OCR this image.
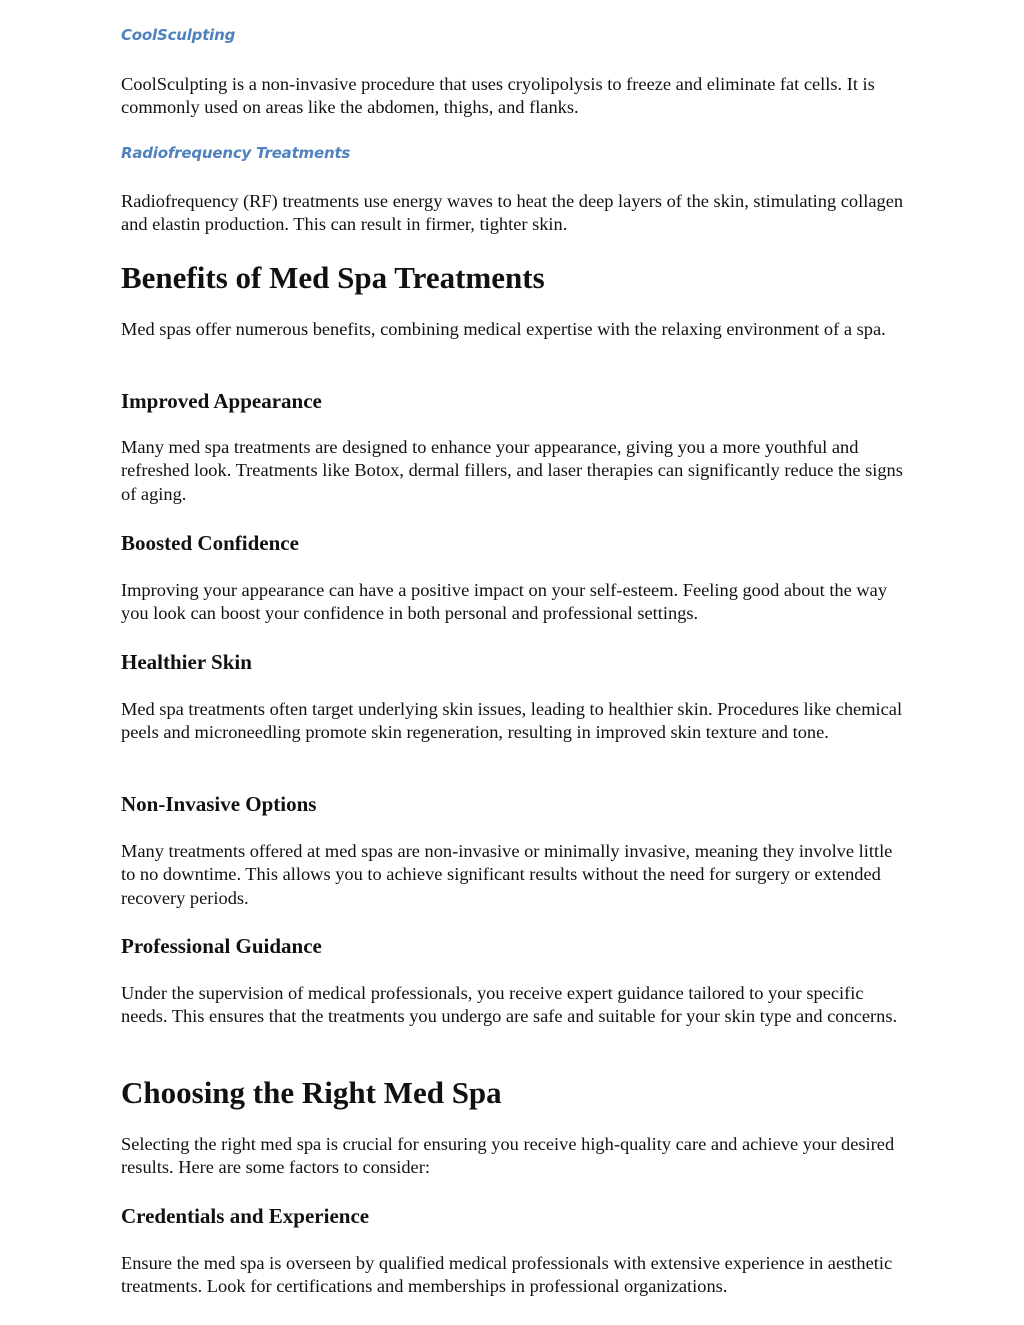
CoolSculpting

CoolSculpting is a non-invasive procedure that uses cryolipolysis to freeze and eliminate fat cells. It is commonly used on areas like the abdomen, thighs, and flanks.

Radiofrequency Treatments

Radiofrequency (RF) treatments use energy waves to heat the deep layers of the skin, stimulating collagen and elastin production. This can result in firmer, tighter skin.

Benefits of Med Spa Treatments

Med spas offer numerous benefits, combining medical expertise with the relaxing environment of a spa.

Improved Appearance

Many med spa treatments are designed to enhance your appearance, giving you a more youthful and refreshed look. Treatments like Botox, dermal fillers, and laser therapies can significantly reduce the signs of aging.

Boosted Confidence

Improving your appearance can have a positive impact on your self-esteem. Feeling good about the way you look can boost your confidence in both personal and professional settings.

Healthier Skin

Med spa treatments often target underlying skin issues, leading to healthier skin. Procedures like chemical peels and microneedling promote skin regeneration, resulting in improved skin texture and tone.

Non-Invasive Options

Many treatments offered at med spas are non-invasive or minimally invasive, meaning they involve little to no downtime. This allows you to achieve significant results without the need for surgery or extended recovery periods.

Professional Guidance

Under the supervision of medical professionals, you receive expert guidance tailored to your specific needs. This ensures that the treatments you undergo are safe and suitable for your skin type and concerns.

Choosing the Right Med Spa

Selecting the right med spa is crucial for ensuring you receive high-quality care and achieve your desired results. Here are some factors to consider:

Credentials and Experience

Ensure the med spa is overseen by qualified medical professionals with extensive experience in aesthetic treatments. Look for certifications and memberships in professional organizations.
